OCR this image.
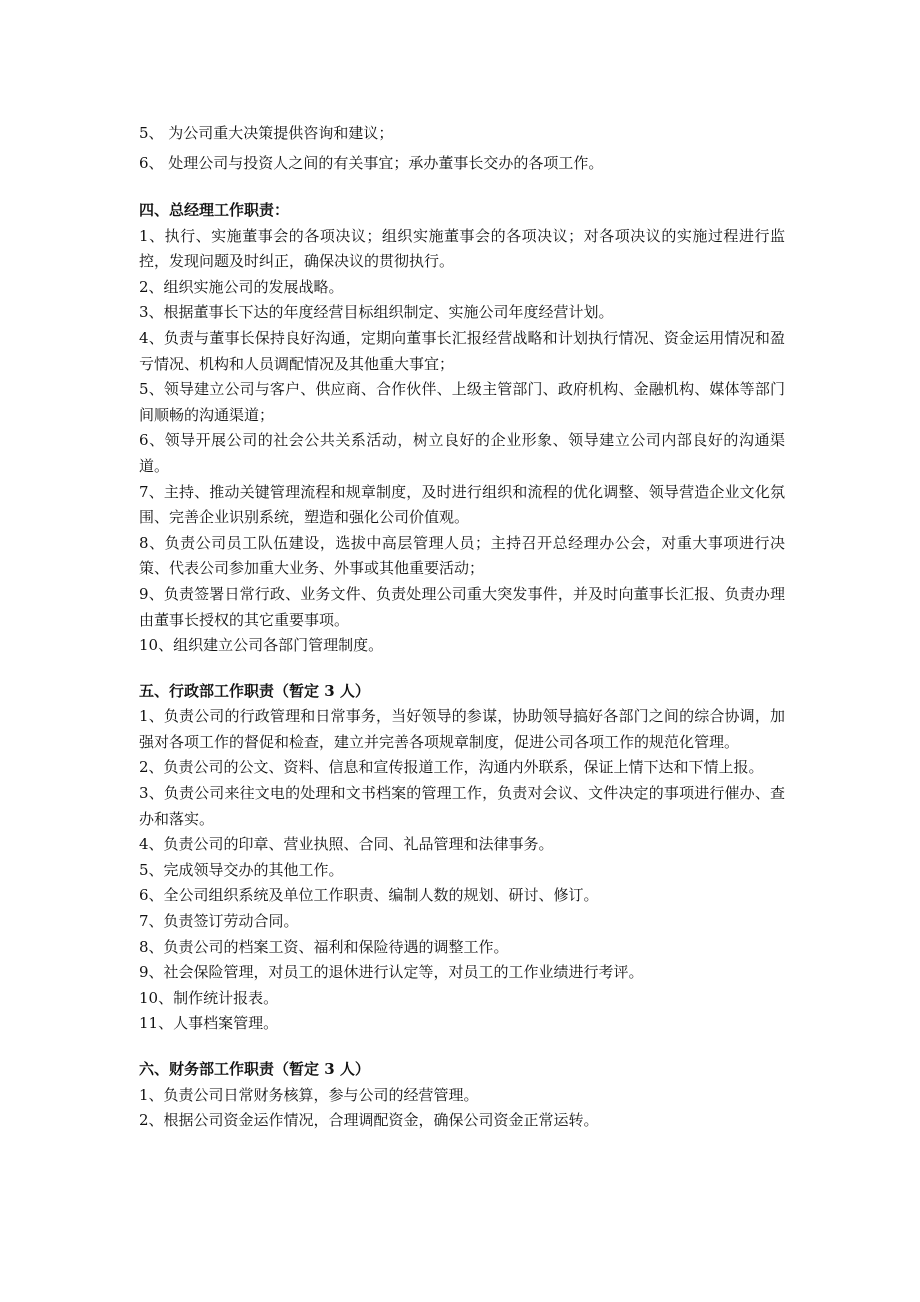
5、 为公司重大决策提供咨询和建议；

6、 处理公司与投资人之间的有关事宜；承办董事长交办的各项工作。

四、总经理工作职责：

1、执行、实施董事会的各项决议；组织实施董事会的各项决议；对各项决议的实施过程进行监控，发现问题及时纠正，确保决议的贯彻执行。

2、组织实施公司的发展战略。

3、根据董事长下达的年度经营目标组织制定、实施公司年度经营计划。

4、负责与董事长保持良好沟通，定期向董事长汇报经营战略和计划执行情况、资金运用情况和盈亏情况、机构和人员调配情况及其他重大事宜；

5、领导建立公司与客户、供应商、合作伙伴、上级主管部门、政府机构、金融机构、媒体等部门间顺畅的沟通渠道；

6、领导开展公司的社会公共关系活动，树立良好的企业形象、领导建立公司内部良好的沟通渠道。

7、主持、推动关键管理流程和规章制度，及时进行组织和流程的优化调整、领导营造企业文化氛围、完善企业识别系统，塑造和强化公司价值观。

8、负责公司员工队伍建设，选拔中高层管理人员；主持召开总经理办公会，对重大事项进行决策、代表公司参加重大业务、外事或其他重要活动；

9、负责签署日常行政、业务文件、负责处理公司重大突发事件，并及时向董事长汇报、负责办理由董事长授权的其它重要事项。

10、组织建立公司各部门管理制度。

五、行政部工作职责（暂定 3 人）

1、负责公司的行政管理和日常事务，当好领导的参谋，协助领导搞好各部门之间的综合协调，加强对各项工作的督促和检查，建立并完善各项规章制度，促进公司各项工作的规范化管理。

2、负责公司的公文、资料、信息和宣传报道工作，沟通内外联系，保证上情下达和下情上报。

3、负责公司来往文电的处理和文书档案的管理工作，负责对会议、文件决定的事项进行催办、查办和落实。

4、负责公司的印章、营业执照、合同、礼品管理和法律事务。

5、完成领导交办的其他工作。

6、全公司组织系统及单位工作职责、编制人数的规划、研讨、修订。

7、负责签订劳动合同。

8、负责公司的档案工资、福利和保险待遇的调整工作。

9、社会保险管理，对员工的退休进行认定等，对员工的工作业绩进行考评。

10、制作统计报表。

11、人事档案管理。

六、财务部工作职责（暂定 3 人）

1、负责公司日常财务核算，参与公司的经营管理。

2、根据公司资金运作情况，合理调配资金，确保公司资金正常运转。
